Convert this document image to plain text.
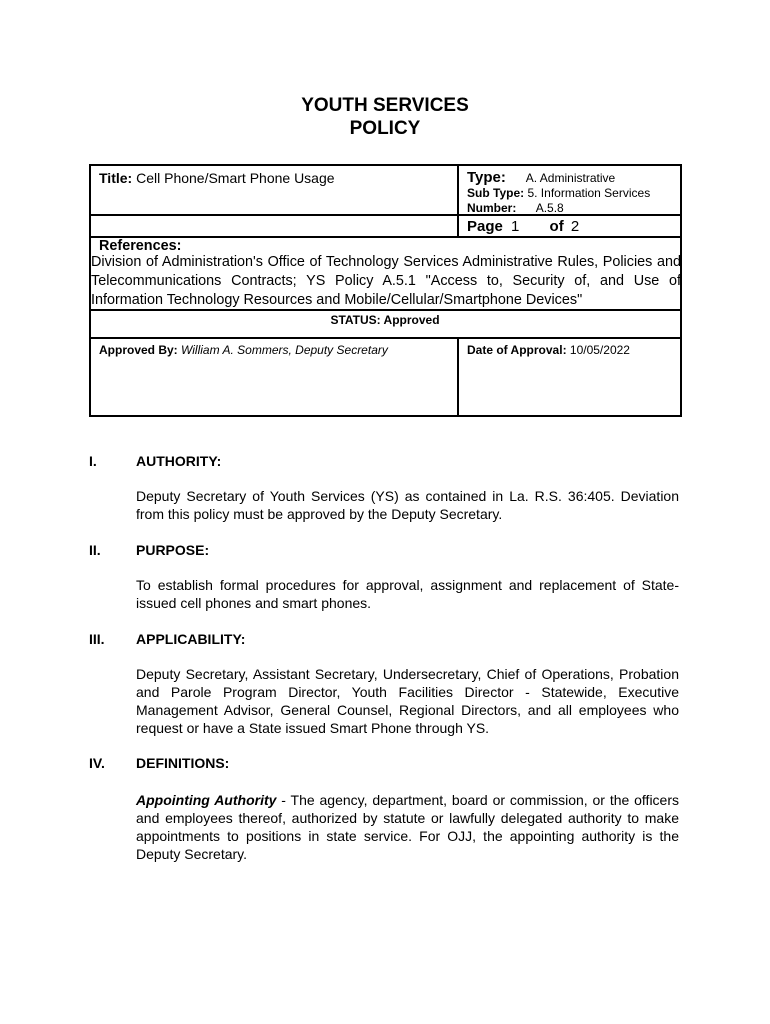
YOUTH SERVICES
POLICY
Title: Cell Phone/Smart Phone Usage	Type: A. Administrative
Sub Type: 5. Information Services
Number: A.5.8
Page 1 of 2
References:
Division of Administration's Office of Technology Services Administrative Rules, Policies and Telecommunications Contracts; YS Policy A.5.1 "Access to, Security of, and Use of Information Technology Resources and Mobile/Cellular/Smartphone Devices"
STATUS: Approved
Approved By: William A. Sommers, Deputy Secretary	Date of Approval: 10/05/2022
I.	AUTHORITY:
Deputy Secretary of Youth Services (YS) as contained in La. R.S. 36:405. Deviation from this policy must be approved by the Deputy Secretary.
II.	PURPOSE:
To establish formal procedures for approval, assignment and replacement of State-issued cell phones and smart phones.
III. APPLICABILITY:
Deputy Secretary, Assistant Secretary, Undersecretary, Chief of Operations, Probation and Parole Program Director, Youth Facilities Director - Statewide, Executive Management Advisor, General Counsel, Regional Directors, and all employees who request or have a State issued Smart Phone through YS.
IV. DEFINITIONS:
Appointing Authority - The agency, department, board or commission, or the officers and employees thereof, authorized by statute or lawfully delegated authority to make appointments to positions in state service. For OJJ, the appointing authority is the Deputy Secretary.
